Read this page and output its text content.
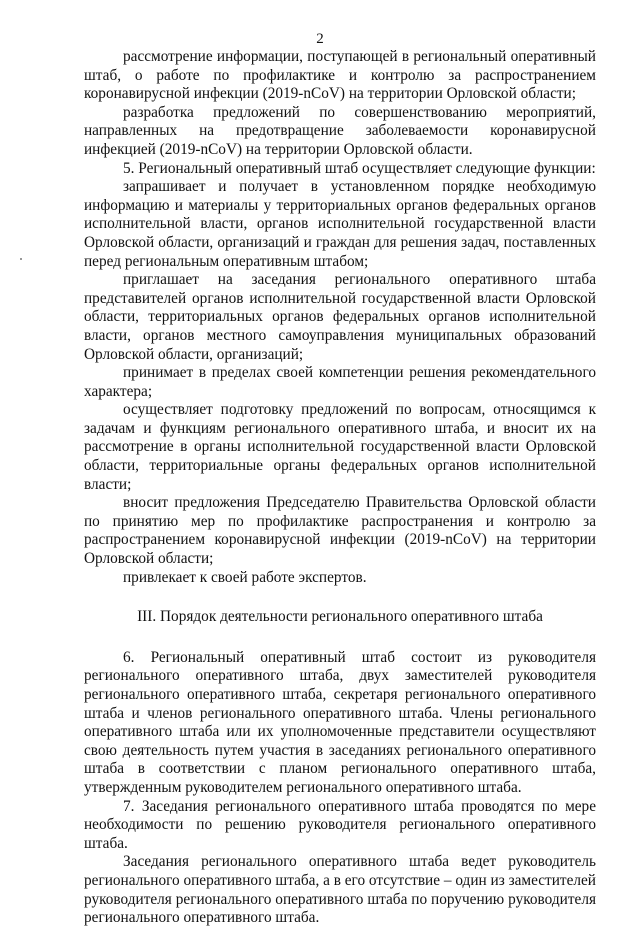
2

рассмотрение информации, поступающей в региональный оперативный штаб, о работе по профилактике и контролю за распространением коронавирусной инфекции (2019-nCoV) на территории Орловской области;

разработка предложений по совершенствованию мероприятий, направленных на предотвращение заболеваемости коронавирусной инфекцией (2019-nCoV) на территории Орловской области.

5. Региональный оперативный штаб осуществляет следующие функции:

запрашивает и получает в установленном порядке необходимую информацию и материалы у территориальных органов федеральных органов исполнительной власти, органов исполнительной государственной власти Орловской области, организаций и граждан для решения задач, поставленных перед региональным оперативным штабом;

приглашает на заседания регионального оперативного штаба представителей органов исполнительной государственной власти Орловской области, территориальных органов федеральных органов исполнительной власти, органов местного самоуправления муниципальных образований Орловской области, организаций;

принимает в пределах своей компетенции решения рекомендательного характера;

осуществляет подготовку предложений по вопросам, относящимся к задачам и функциям регионального оперативного штаба, и вносит их на рассмотрение в органы исполнительной государственной власти Орловской области, территориальные органы федеральных органов исполнительной власти;

вносит предложения Председателю Правительства Орловской области по принятию мер по профилактике распространения и контролю за распространением коронавирусной инфекции (2019-nCoV) на территории Орловской области;

привлекает к своей работе экспертов.

III. Порядок деятельности регионального оперативного штаба

6. Региональный оперативный штаб состоит из руководителя регионального оперативного штаба, двух заместителей руководителя регионального оперативного штаба, секретаря регионального оперативного штаба и членов регионального оперативного штаба. Члены регионального оперативного штаба или их уполномоченные представители осуществляют свою деятельность путем участия в заседаниях регионального оперативного штаба в соответствии с планом регионального оперативного штаба, утвержденным руководителем регионального оперативного штаба.

7. Заседания регионального оперативного штаба проводятся по мере необходимости по решению руководителя регионального оперативного штаба.

Заседания регионального оперативного штаба ведет руководитель регионального оперативного штаба, а в его отсутствие – один из заместителей руководителя регионального оперативного штаба по поручению руководителя регионального оперативного штаба.
